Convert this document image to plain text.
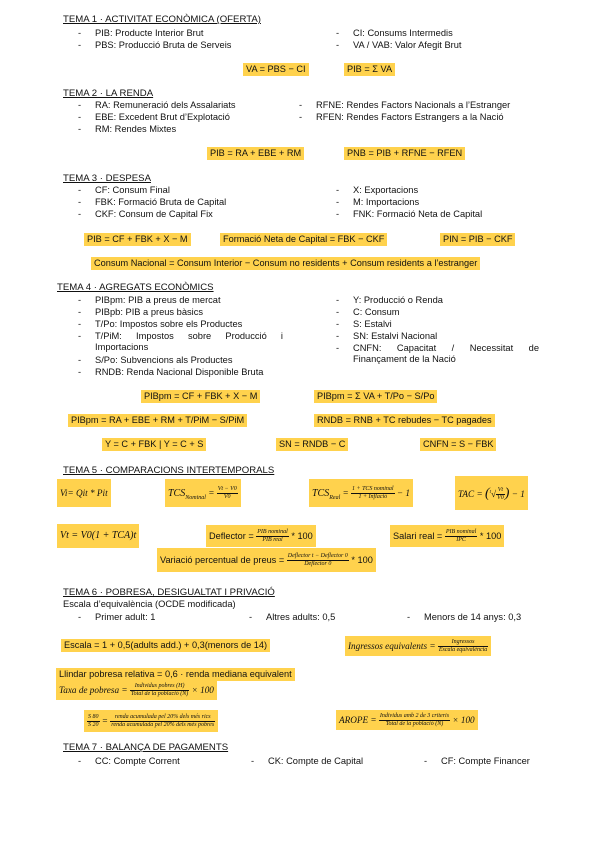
TEMA 1 · ACTIVITAT ECONÒMICA (OFERTA)
- PIB: Producte Interior Brut
- PBS: Producció Bruta de Serveis
- CI: Consums Intermedis
- VA / VAB: Valor Afegit Brut
VA = PBS − CI	PIB = Σ VA
TEMA 2 · LA RENDA
- RA: Remuneració dels Assalariats
- EBE: Excedent Brut d’Explotació
- RM: Rendes Mixtes
- RFNE: Rendes Factors Nacionals a l’Estranger
- RFEN: Rendes Factors Estrangers a la Nació
PIB = RA + EBE + RM	PNB = PIB + RFNE − RFEN
TEMA 3 · DESPESA
- CF: Consum Final
- FBK: Formació Bruta de Capital
- CKF: Consum de Capital Fix
- X: Exportacions
- M: Importacions
- FNK: Formació Neta de Capital
PIB = CF + FBK + X − M	Formació Neta de Capital = FBK − CKF	PIN = PIB − CKF
Consum Nacional = Consum Interior − Consum no residents + Consum residents a l’estranger
TEMA 4 · AGREGATS ECONÒMICS
- PIBpm: PIB a preus de mercat
- PIBpb: PIB a preus bàsics
- T/Po: Impostos sobre els Productes
- T/PiM: Impostos sobre Producció i Importacions
- S/Po: Subvencions als Productes
- RNDB: Renda Nacional Disponible Bruta
- Y: Producció o Renda
- C: Consum
- S: Estalvi
- SN: Estalvi Nacional
- CNFN: Capacitat / Necessitat de Finançament de la Nació
PIBpm = CF + FBK + X − M	PIBpm = Σ VA + T/Po − S/Po
PIBpm = RA + EBE + RM + T/PiM − S/PiM	RNDB = RNB + TC rebudes − TC pagades
Y = C + FBK | Y = C + S	SN = RNDB − C	CNFN = S − FBK
TEMA 5 · COMPARACIONS INTERTEMPORALS
Vi= Qit * Pit	$TCS_{Nominal} = \frac{Vt - V0}{V0}$	$TCS_{Real} = \frac{\text{1 + TCS nominal}}{\text{1 + Inflació}} - 1$	TAC = ($^t√ \frac{Vt}{V0}$ ) − 1
Vt = V0(1 + TCA)t	Deflector = $\frac{\text{PIB nominal}}{\text{PIB real}} * 100$	Salari real = $\frac{\text{PIB nominal}}{\text{IPC}} * 100$
Variació percentual de preus = $\frac{\text{Deflector t − Deflector 0}}{\text{Deflector 0}} * 100$
TEMA 6 · POBRESA, DESIGUALTAT I PRIVACIÓ
Escala d’equivalència (OCDE modificada)
- Primer adult: 1	- Altres adults: 0,5	- Menors de 14 anys: 0,3
Escala = 1 + 0,5(adults add.) + 0,3(menors de 14)	Ingressos equivalents = $\frac{\text{Ingressos}}{\text{Escala equivalència}}$
Llindar pobresa relativa = 0,6 · renda mediana equivalent
Taxa de pobresa = $\frac{\text{Individus pobres (H)}}{\text{Total de la població (N)}} \times 100$
$\frac{S 80}{S 20} = \frac{\text{renda acumulada pel 20\% dels més rics}}{\text{renda acumulada pel 20\% dels més pobres}}$	AROPE = $\frac{\text{Individus amb 2 de 3 criteris}}{\text{Total de la població (N)}} \times 100$
TEMA 7 · BALANÇA DE PAGAMENTS
- CC: Compte Corrent	- CK: Compte de Capital	- CF: Compte Financer
